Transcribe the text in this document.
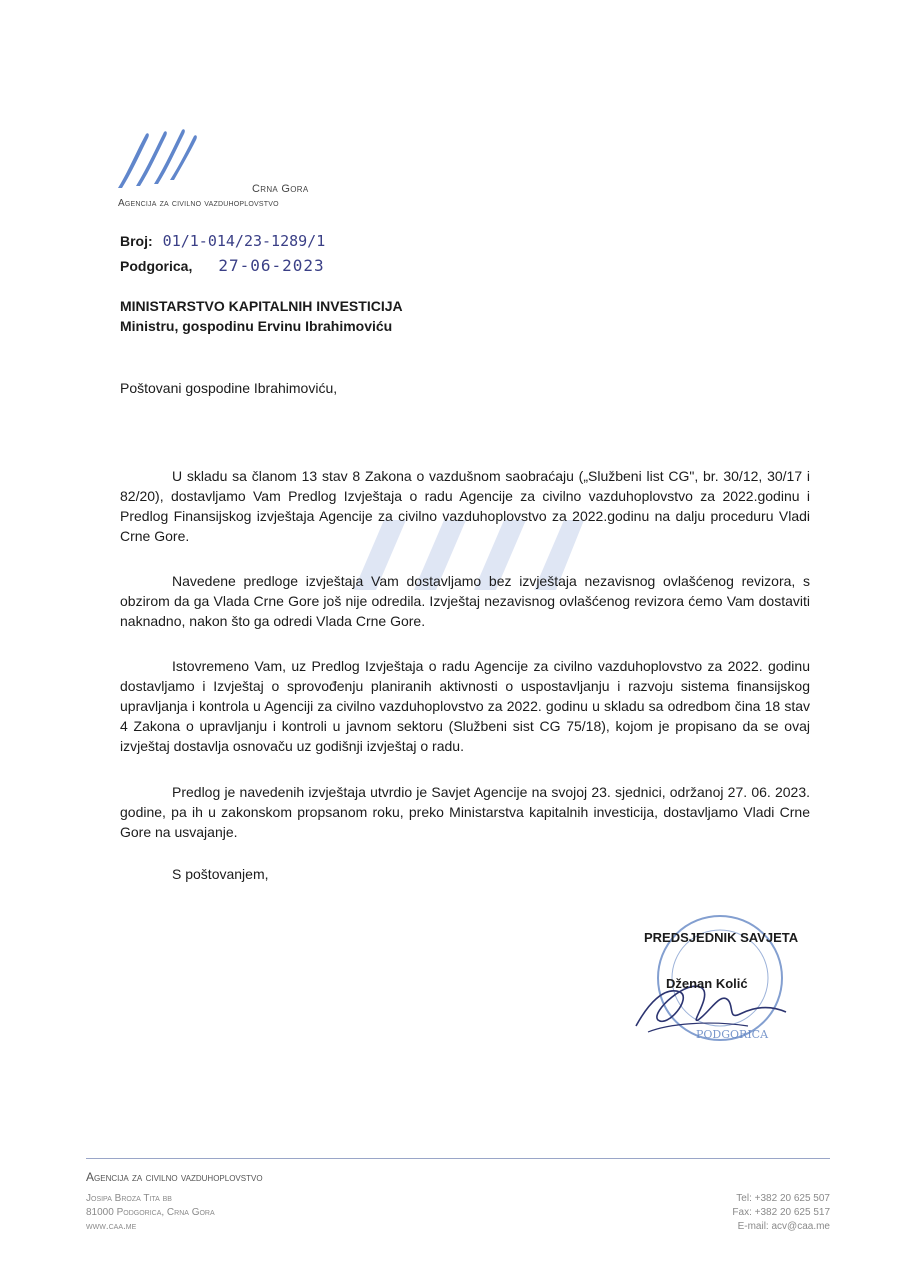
Crna Gora
Agencija za civilno vazduhoplovstvo
Broj: 01/1-014/23-1289/1
Podgorica, 27-06-2023
MINISTARSTVO KAPITALNIH INVESTICIJA
Ministru, gospodinu Ervinu Ibrahimoviću
Poštovani gospodine Ibrahimoviću,
U skladu sa članom 13 stav 8 Zakona o vazdušnom saobraćaju („Službeni list CG", br. 30/12, 30/17 i 82/20), dostavljamo Vam Predlog Izvještaja o radu Agencije za civilno vazduhoplovstvo za 2022.godinu i Predlog Finansijskog izvještaja Agencije za civilno vazduhoplovstvo za 2022.godinu na dalju proceduru Vladi Crne Gore.
Navedene predloge izvještaja Vam dostavljamo bez izvještaja nezavisnog ovlašćenog revizora, s obzirom da ga Vlada Crne Gore još nije odredila. Izvještaj nezavisnog ovlašćenog revizora ćemo Vam dostaviti naknadno, nakon što ga odredi Vlada Crne Gore.
Istovremeno Vam, uz Predlog Izvještaja o radu Agencije za civilno vazduhoplovstvo za 2022. godinu dostavljamo i Izvještaj o sprovođenju planiranih aktivnosti o uspostavljanju i razvoju sistema finansijskog upravljanja i kontrola u Agenciji za civilno vazduhoplovstvo za 2022. godinu u skladu sa odredbom čina 18 stav 4 Zakona o upravljanju i kontroli u javnom sektoru (Službeni sist CG 75/18), kojom je propisano da se ovaj izvještaj dostavlja osnovaču uz godišnji izvještaj o radu.
Predlog je navedenih izvještaja utvrdio je Savjet Agencije na svojoj 23. sjednici, održanoj 27. 06. 2023. godine, pa ih u zakonskom propsanom roku, preko Ministarstva kapitalnih investicija, dostavljamo Vladi Crne Gore na usvajanje.
S poštovanjem,
PODGORICA
PREDSJEDNIK SAVJETA
Dženan Kolić
Agencija za civilno vazduhoplovstvo
Josipa Broza Tita bb
81000 Podgorica, Crna Gora
www.caa.me
Tel: +382 20 625 507
Fax: +382 20 625 517
E-mail: acv@caa.me
